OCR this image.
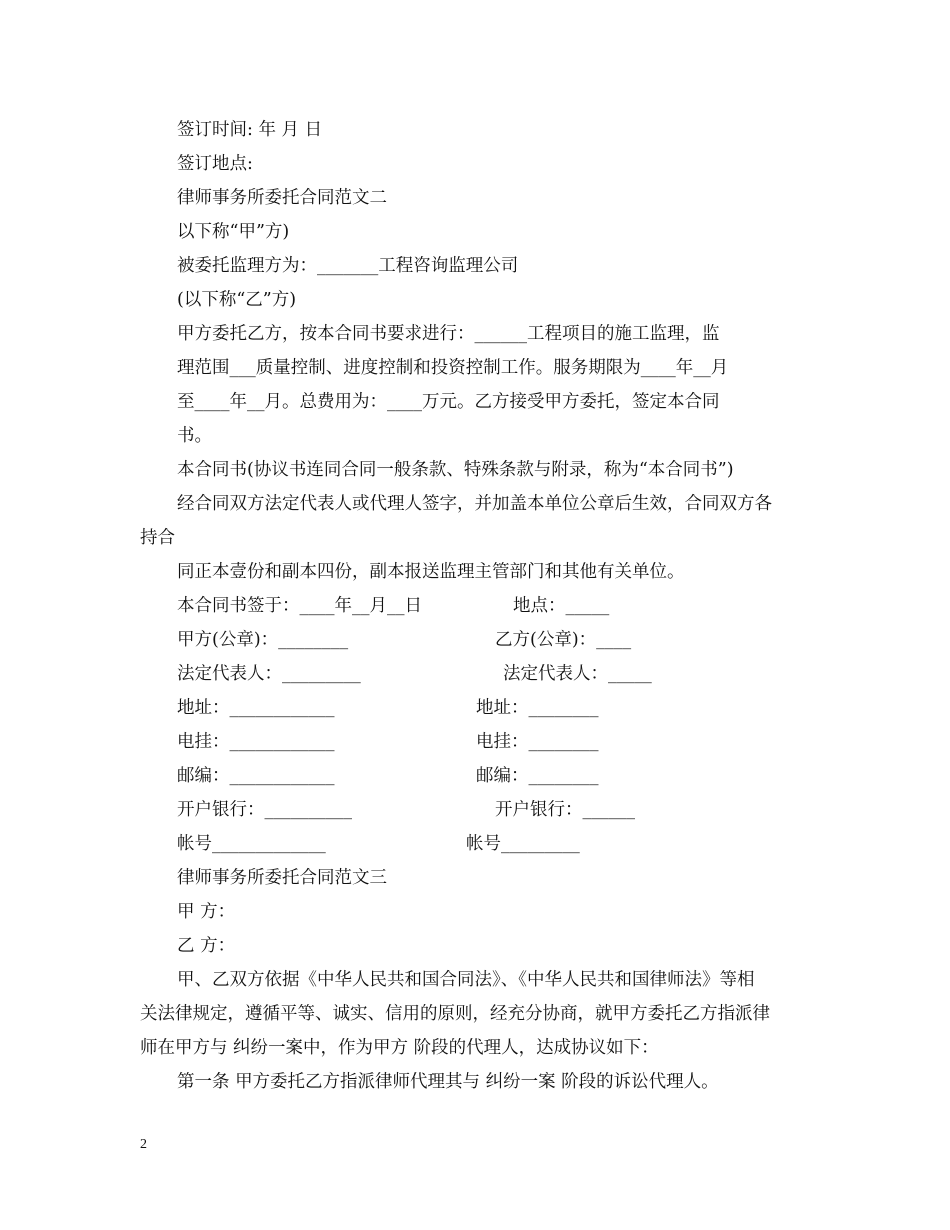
签订时间: 年 月 日
签订地点:
律师事务所委托合同范文二
以下称“甲”方)
被委托监理方为：_______工程咨询监理公司
(以下称“乙”方)
甲方委托乙方，按本合同书要求进行：______工程项目的施工监理，监
理范围___质量控制、进度控制和投资控制工作。服务期限为____年__月
至____年__月。总费用为：____万元。乙方接受甲方委托，签定本合同
书。
本合同书(协议书连同合同一般条款、特殊条款与附录，称为“本合同书”)
经合同双方法定代表人或代理人签字，并加盖本单位公章后生效，合同双方各
持合
同正本壹份和副本四份，副本报送监理主管部门和其他有关单位。
本合同书签于：____年__月__日	地点：_____
甲方(公章)：________	乙方(公章)：____
法定代表人：_________	法定代表人：_____
地址：____________	地址：________
电挂：____________	电挂：________
邮编：____________	邮编：________
开户银行：__________	开户银行：______
帐号_____________	帐号_________
律师事务所委托合同范文三
甲 方：
乙 方：
甲、乙双方依据《中华人民共和国合同法》、《中华人民共和国律师法》等相
关法律规定，遵循平等、诚实、信用的原则，经充分协商，就甲方委托乙方指派律
师在甲方与 纠纷一案中，作为甲方 阶段的代理人，达成协议如下：
第一条 甲方委托乙方指派律师代理其与 纠纷一案 阶段的诉讼代理人。
2
